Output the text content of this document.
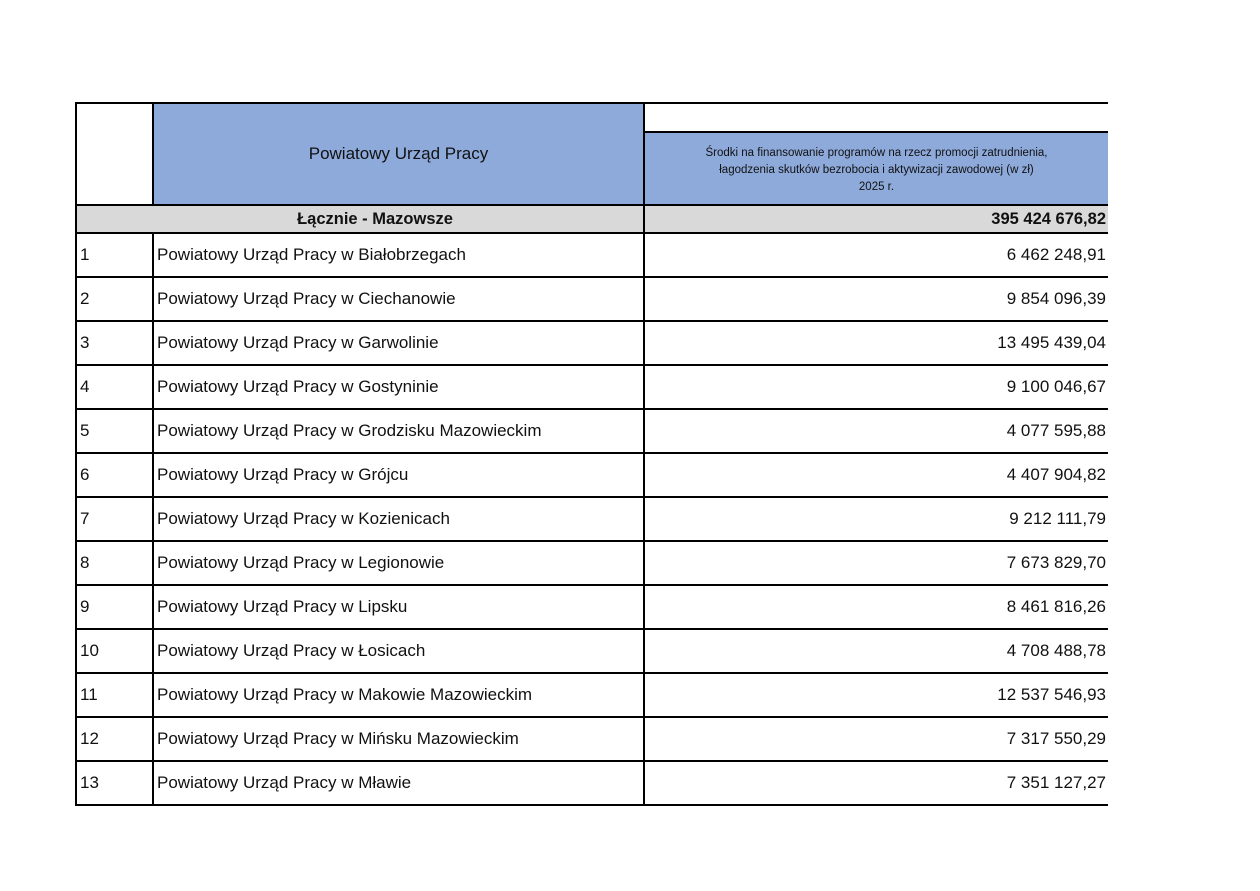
	Powiatowy Urząd Pracy	

		Środki na finansowanie programów na rzecz promocji zatrudnienia,
łagodzenia skutków bezrobocia i aktywizacji zawodowej (w zł)
2025 r.

Łącznie - Mazowsze		395 424 676,82
1	Powiatowy Urząd Pracy w Białobrzegach	6 462 248,91
2	Powiatowy Urząd Pracy w Ciechanowie	9 854 096,39
3	Powiatowy Urząd Pracy w Garwolinie	13 495 439,04
4	Powiatowy Urząd Pracy w Gostyninie	9 100 046,67
5	Powiatowy Urząd Pracy w Grodzisku Mazowieckim	4 077 595,88
6	Powiatowy Urząd Pracy w Grójcu	4 407 904,82
7	Powiatowy Urząd Pracy w Kozienicach	9 212 111,79
8	Powiatowy Urząd Pracy w Legionowie	7 673 829,70
9	Powiatowy Urząd Pracy w Lipsku	8 461 816,26
10	Powiatowy Urząd Pracy w Łosicach	4 708 488,78
11	Powiatowy Urząd Pracy w Makowie Mazowieckim	12 537 546,93
12	Powiatowy Urząd Pracy w Mińsku Mazowieckim	7 317 550,29
13	Powiatowy Urząd Pracy w Mławie	7 351 127,27
